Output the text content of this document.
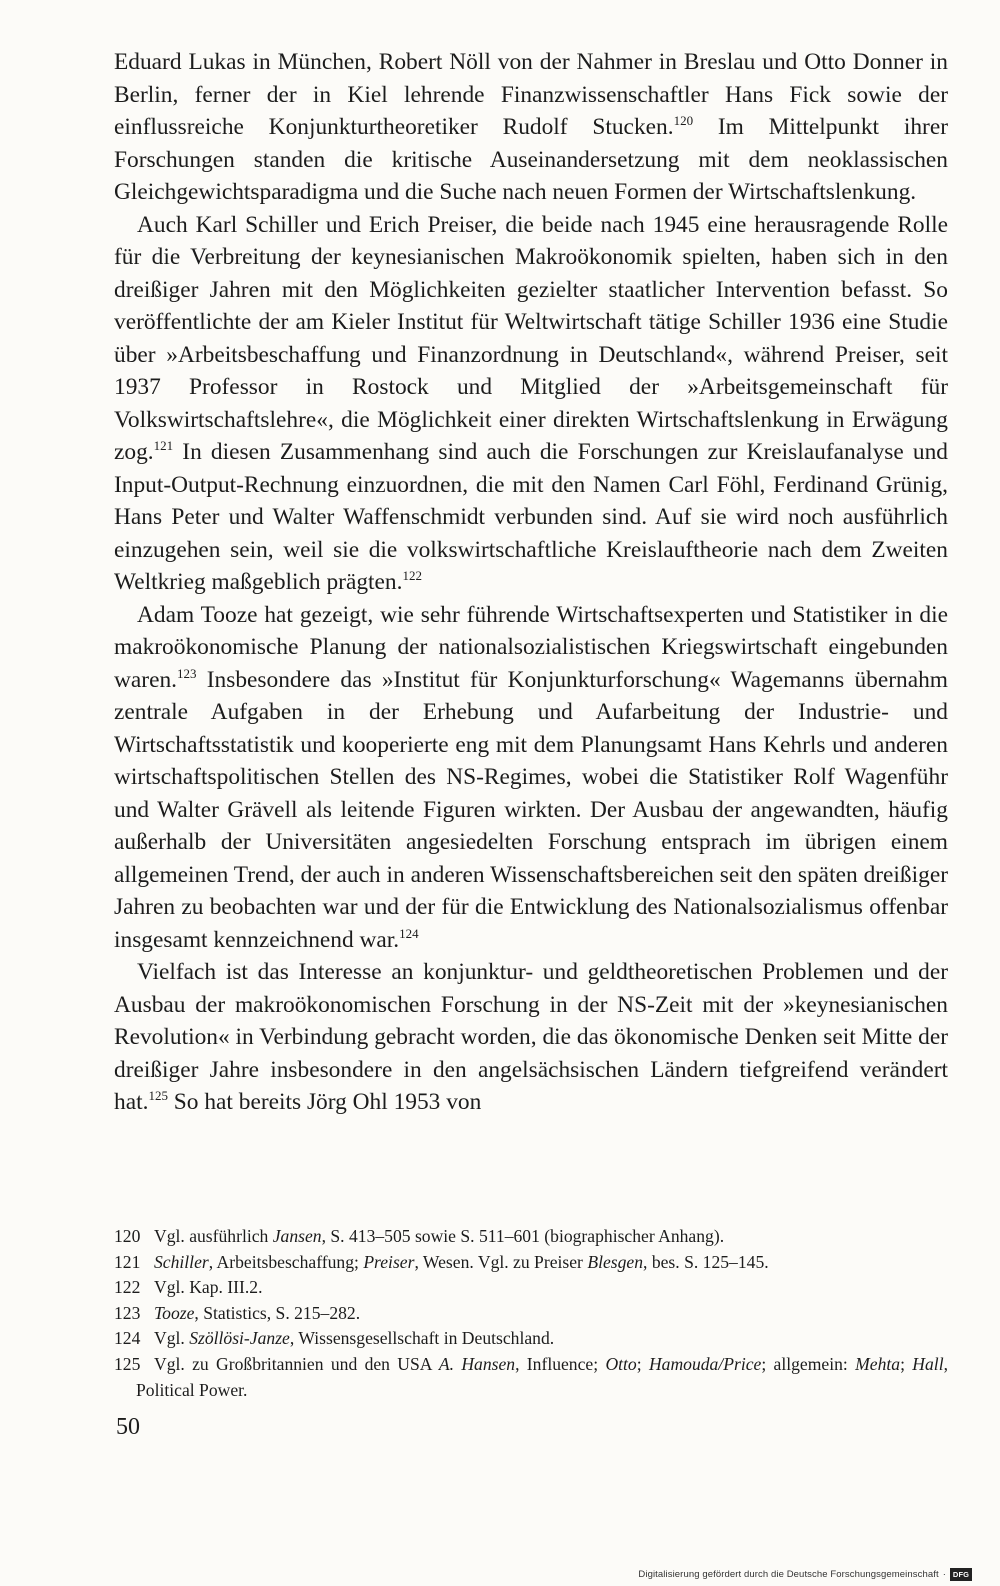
Eduard Lukas in München, Robert Nöll von der Nahmer in Breslau und Otto Donner in Berlin, ferner der in Kiel lehrende Finanzwissenschaftler Hans Fick sowie der einflussreiche Konjunkturtheoretiker Rudolf Stucken.$^{120}$ Im Mittelpunkt ihrer Forschungen standen die kritische Auseinandersetzung mit dem neoklassischen Gleichgewichtsparadigma und die Suche nach neuen Formen der Wirtschaftslenkung.

Auch Karl Schiller und Erich Preiser, die beide nach 1945 eine herausragende Rolle für die Verbreitung der keynesianischen Makroökonomik spielten, haben sich in den dreißiger Jahren mit den Möglichkeiten gezielter staatlicher Intervention befasst. So veröffentlichte der am Kieler Institut für Weltwirtschaft tätige Schiller 1936 eine Studie über »Arbeitsbeschaffung und Finanzordnung in Deutschland«, während Preiser, seit 1937 Professor in Rostock und Mitglied der »Arbeitsgemeinschaft für Volkswirtschaftslehre«, die Möglichkeit einer direkten Wirtschaftslenkung in Erwägung zog.$^{121}$ In diesen Zusammenhang sind auch die Forschungen zur Kreislaufanalyse und Input-Output-Rechnung einzuordnen, die mit den Namen Carl Föhl, Ferdinand Grünig, Hans Peter und Walter Waffenschmidt verbunden sind. Auf sie wird noch ausführlich einzugehen sein, weil sie die volkswirtschaftliche Kreislauftheorie nach dem Zweiten Weltkrieg maßgeblich prägten.$^{122}$

Adam Tooze hat gezeigt, wie sehr führende Wirtschaftsexperten und Statistiker in die makroökonomische Planung der nationalsozialistischen Kriegswirtschaft eingebunden waren.$^{123}$ Insbesondere das »Institut für Konjunkturforschung« Wagemanns übernahm zentrale Aufgaben in der Erhebung und Aufarbeitung der Industrie- und Wirtschaftsstatistik und kooperierte eng mit dem Planungsamt Hans Kehrls und anderen wirtschaftspolitischen Stellen des NS-Regimes, wobei die Statistiker Rolf Wagenführ und Walter Grävell als leitende Figuren wirkten. Der Ausbau der angewandten, häufig außerhalb der Universitäten angesiedelten Forschung entsprach im übrigen einem allgemeinen Trend, der auch in anderen Wissenschaftsbereichen seit den späten dreißiger Jahren zu beobachten war und der für die Entwicklung des Nationalsozialismus offenbar insgesamt kennzeichnend war.$^{124}$

Vielfach ist das Interesse an konjunktur- und geldtheoretischen Problemen und der Ausbau der makroökonomischen Forschung in der NS-Zeit mit der »keynesianischen Revolution« in Verbindung gebracht worden, die das ökonomische Denken seit Mitte der dreißiger Jahre insbesondere in den angelsächsischen Ländern tiefgreifend verändert hat.$^{125}$ So hat bereits Jörg Ohl 1953 von

120 Vgl. ausführlich Jansen, S. 413–505 sowie S. 511–601 (biographischer Anhang).

121 Schiller, Arbeitsbeschaffung; Preiser, Wesen. Vgl. zu Preiser Blesgen, bes. S. 125–145.

122 Vgl. Kap. III.2.

123 Tooze, Statistics, S. 215–282.

124 Vgl. Szöllösi-Janze, Wissensgesellschaft in Deutschland.

125 Vgl. zu Großbritannien und den USA A. Hansen, Influence; Otto; Hamouda/Price; allgemein: Mehta; Hall, Political Power.

50
Digitalisierung gefördert durch die Deutsche Forschungsgemeinschaft · DFG
